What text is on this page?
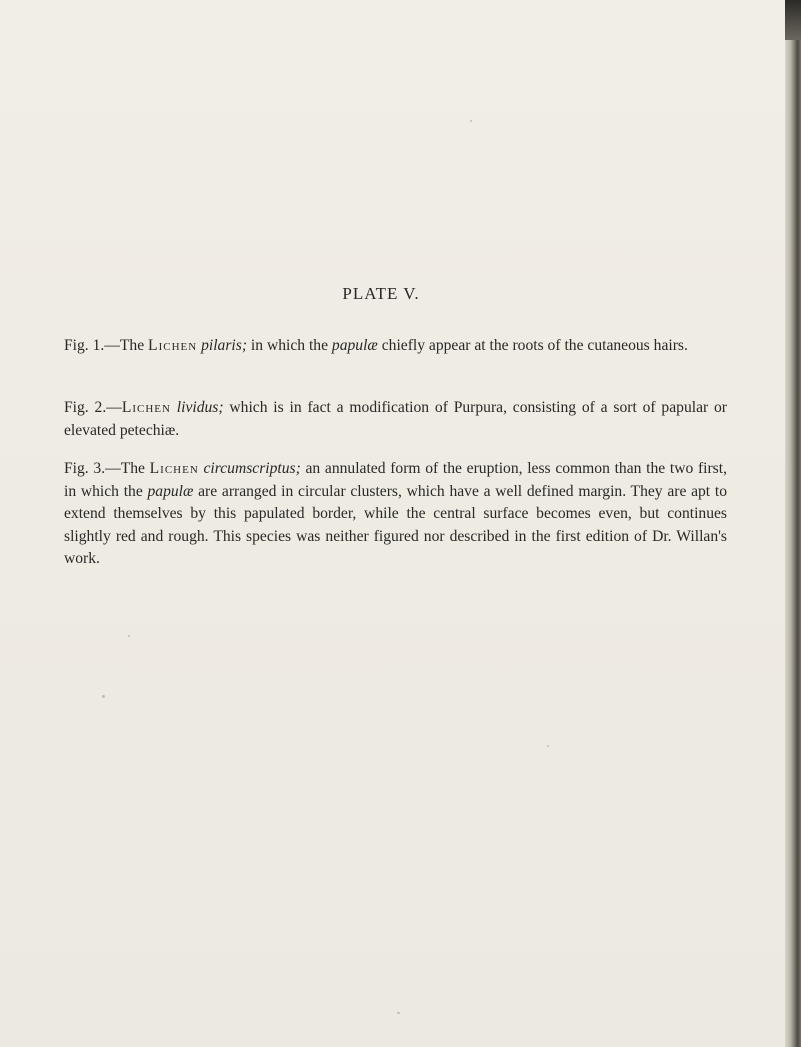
PLATE V.

Fig. 1.—The Lichen pilaris; in which the papulæ chiefly appear at the roots of the cutaneous hairs.

Fig. 2.—Lichen lividus; which is in fact a modification of Purpura, consisting of a sort of papular or elevated petechiæ.

Fig. 3.—The Lichen circumscriptus; an annulated form of the eruption, less common than the two first, in which the papulæ are arranged in circular clusters, which have a well defined margin. They are apt to extend themselves by this papulated border, while the central surface becomes even, but continues slightly red and rough. This species was neither figured nor described in the first edition of Dr. Willan's work.
